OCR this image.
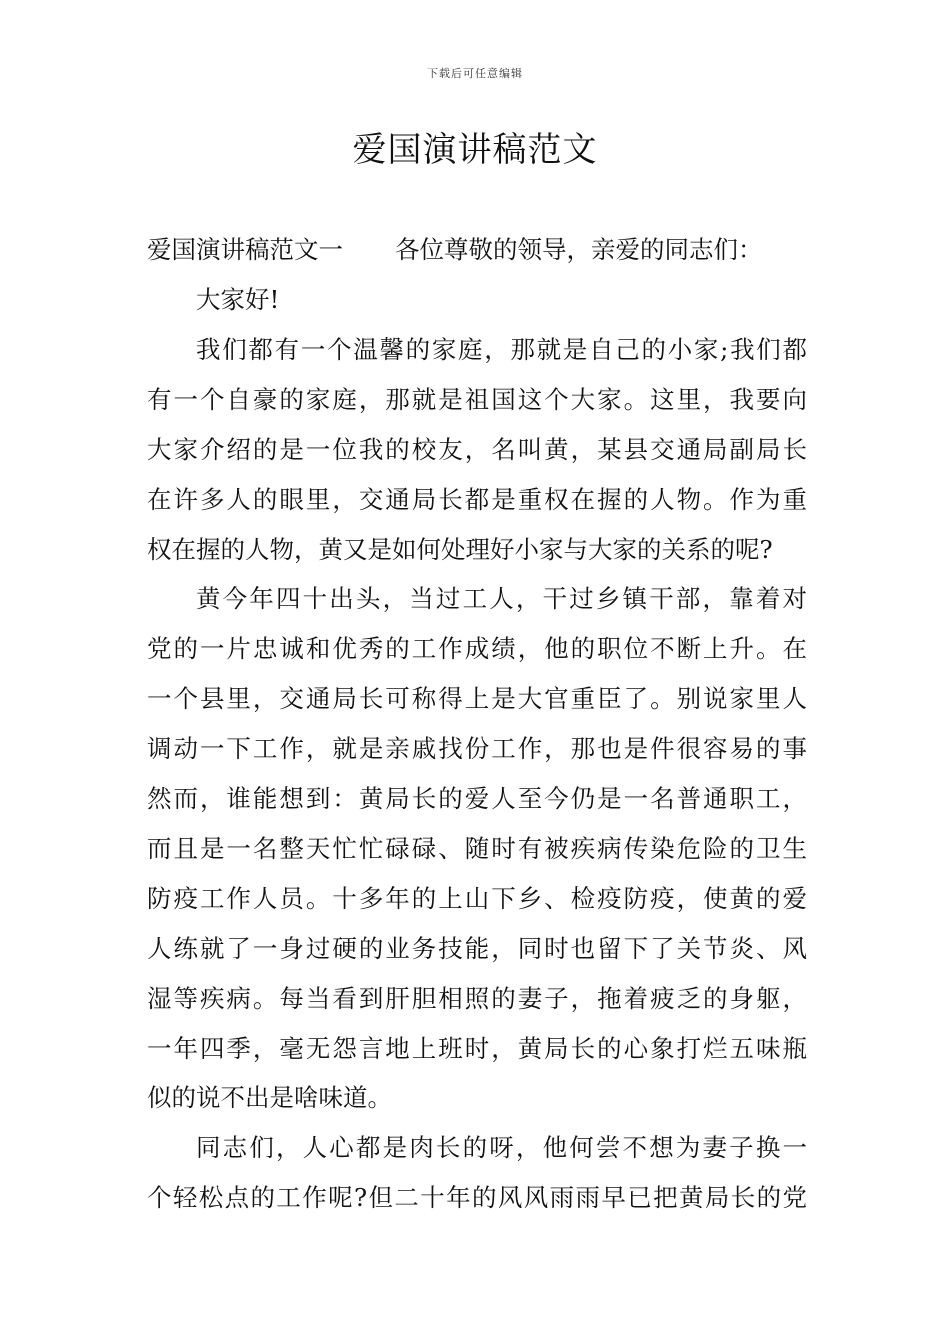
下载后可任意编辑
爱国演讲稿范文
爱国演讲稿范文一 各位尊敬的领导，亲爱的同志们：
大家好!
我们都有一个温馨的家庭，那就是自己的小家;我们都
有一个自豪的家庭，那就是祖国这个大家。这里，我要向
大家介绍的是一位我的校友，名叫黄，某县交通局副局长
在许多人的眼里，交通局长都是重权在握的人物。作为重
权在握的人物，黄又是如何处理好小家与大家的关系的呢?
黄今年四十出头，当过工人，干过乡镇干部，靠着对
党的一片忠诚和优秀的工作成绩，他的职位不断上升。在
一个县里，交通局长可称得上是大官重臣了。别说家里人
调动一下工作，就是亲戚找份工作，那也是件很容易的事
然而，谁能想到：黄局长的爱人至今仍是一名普通职工，
而且是一名整天忙忙碌碌、随时有被疾病传染危险的卫生
防疫工作人员。十多年的上山下乡、检疫防疫，使黄的爱
人练就了一身过硬的业务技能，同时也留下了关节炎、风
湿等疾病。每当看到肝胆相照的妻子，拖着疲乏的身躯，
一年四季，毫无怨言地上班时，黄局长的心象打烂五味瓶
似的说不出是啥味道。
同志们，人心都是肉长的呀，他何尝不想为妻子换一
个轻松点的工作呢?但二十年的风风雨雨早已把黄局长的党
